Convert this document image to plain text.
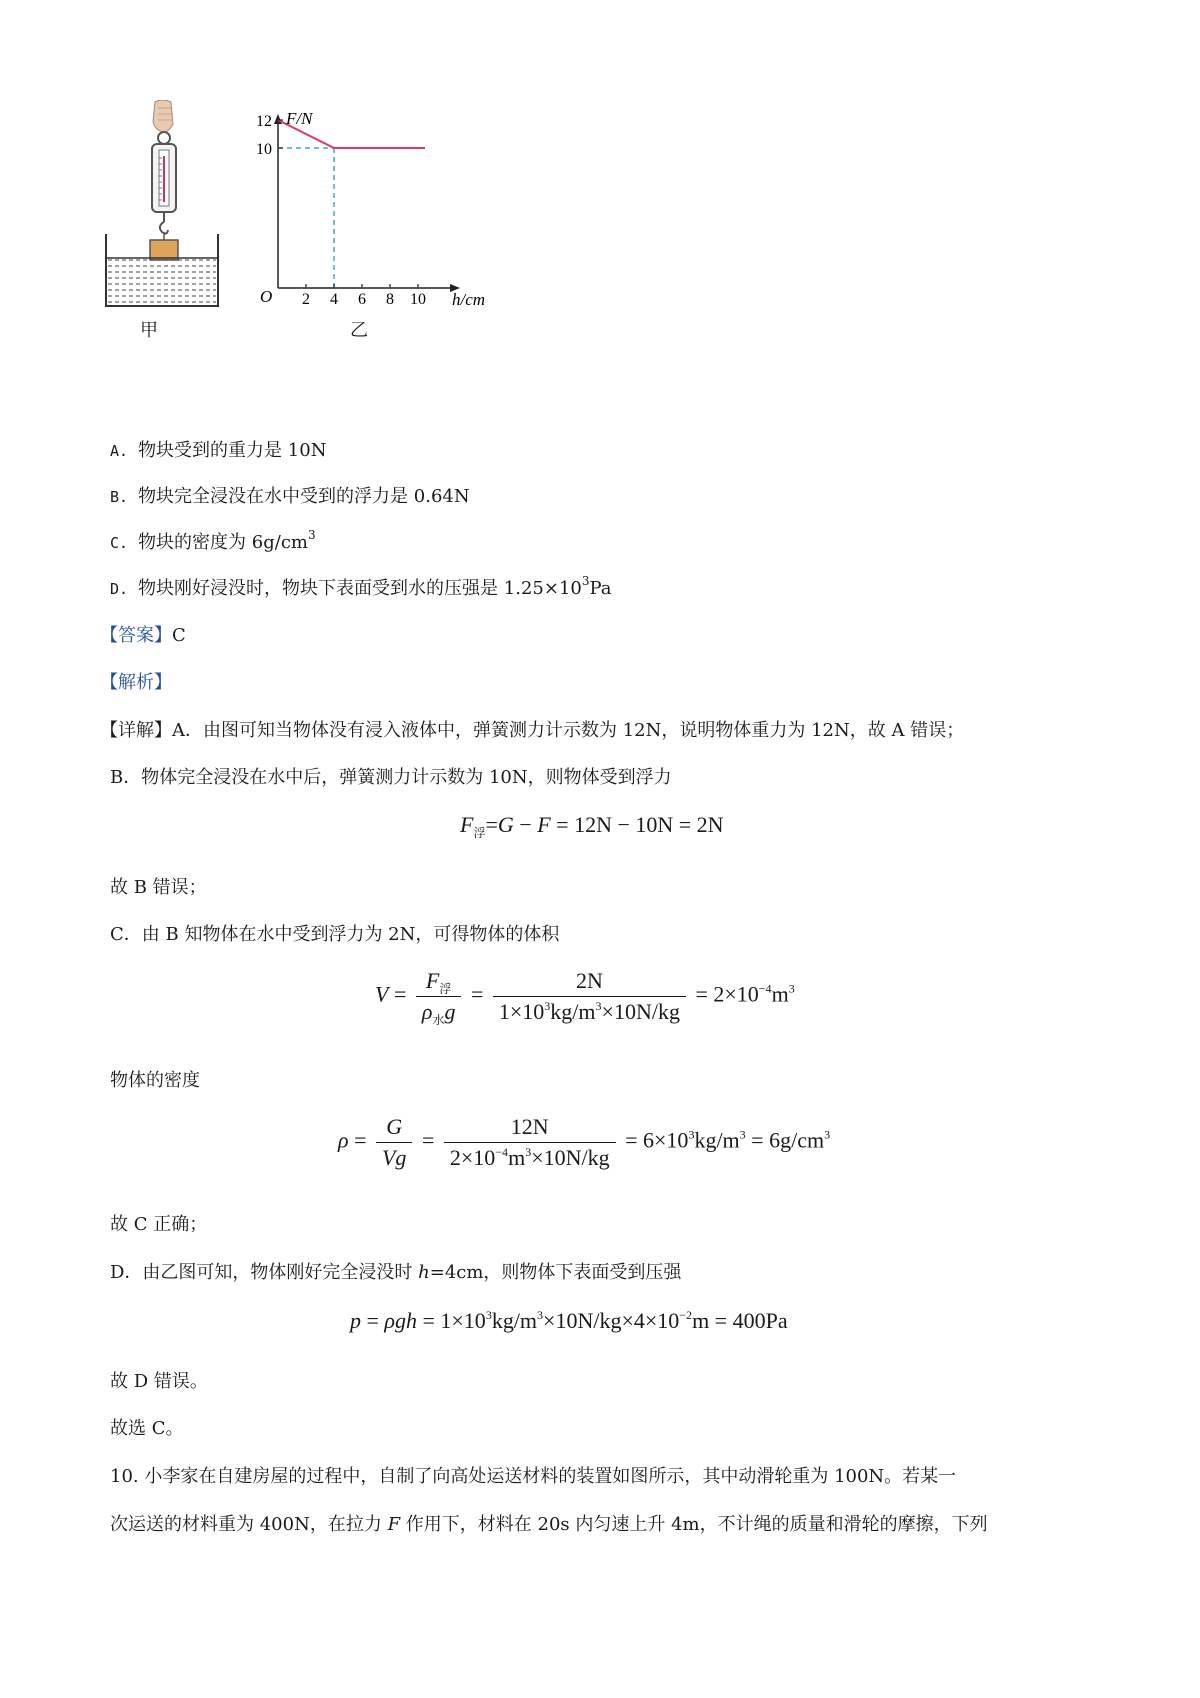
F/N
h/cm
O
12
10
2 4 6 8 10
甲	乙
A. 物块受到的重力是 10N
B. 物块完全浸没在水中受到的浮力是 0.64N
C. 物块的密度为 $6g/cm^3$
D. 物块刚好浸没时，物块下表面受到水的压强是 $1.25\times 10^3Pa$
【答案】C
【解析】
【详解】A．由图可知当物体没有浸入液体中，弹簧测力计示数为 12N，说明物体重力为 12N，故 A 错误；
B．物体完全浸没在水中后，弹簧测力计示数为 10N，则物体受到浮力
$F_浮=G - F = 12N - 10N = 2N$
故 B 错误；
C．由 B 知物体在水中受到浮力为 2N，可得物体的体积
$V = \frac{F_浮}{\rho_水g} = \frac{2N}{1\times 10^3kg/m^3\times 10N/kg} = 2\times 10^{-4}m^3$
物体的密度
$\rho = \frac{G}{Vg} = \frac{12N}{2\times 10^{-4}m^3\times 10N/kg} = 6\times 10^3kg/m^3 = 6g/cm^3$
故 C 正确；
D．由乙图可知，物体刚好完全浸没时 h=4cm，则物体下表面受到压强
$p = \rho gh = 1\times 10^3kg/m^3\times 10N/kg\times 4\times 10^{-2}m = 400Pa$
故 D 错误。
故选 C。
10. 小李家在自建房屋的过程中，自制了向高处运送材料的装置如图所示，其中动滑轮重为 100N。若某一
次运送的材料重为 400N，在拉力 F 作用下，材料在 20s 内匀速上升 4m，不计绳的质量和滑轮的摩擦，下列
